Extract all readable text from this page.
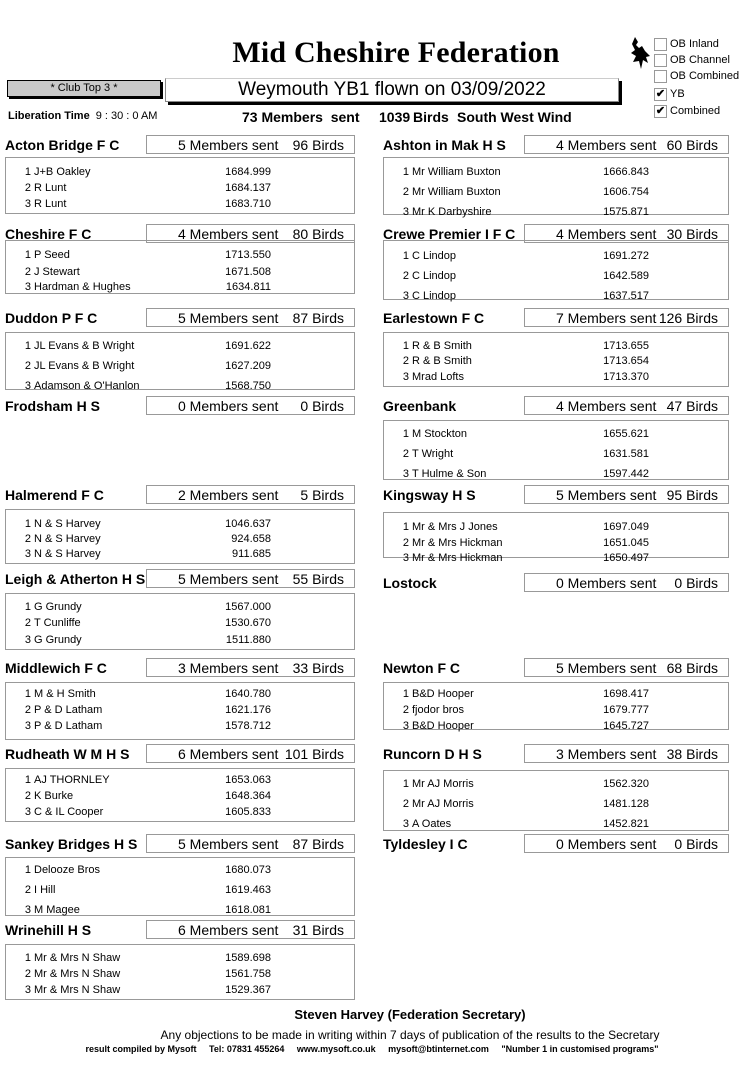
Mid Cheshire Federation
* Club Top 3 *	Weymouth YB1 flown on 03/09/2022
Liberation Time 9 : 30 : 0 AM	73 Members  sent 1039 Birds South West Wind
OB Inland
OB Channel
OB Combined
✔ YB
✔ Combined
Acton Bridge F C	5 Members sent 96 Birds
1 J+B Oakley	1684.999
2 R Lunt	1684.137
3 R Lunt	1683.710
Ashton in Mak H S	4 Members sent 60 Birds
1 Mr William Buxton	1666.843
2 Mr William Buxton	1606.754
3 Mr K Darbyshire	1575.871
Cheshire F C	4 Members sent 80 Birds
1 P Seed	1713.550
2 J Stewart	1671.508
3 Hardman & Hughes	1634.811
Crewe Premier I F C	4 Members sent 30 Birds
1 C Lindop	1691.272
2 C Lindop	1642.589
3 C Lindop	1637.517
Duddon P F C	5 Members sent 87 Birds
1 JL Evans & B Wright	1691.622
2 JL Evans & B Wright	1627.209
3 Adamson & O'Hanlon	1568.750
Earlestown F C	7 Members sent 126 Birds
1 R & B Smith	1713.655
2 R & B Smith	1713.654
3 Mrad Lofts	1713.370
Frodsham H S	0 Members sent 0 Birds	Greenbank	4 Members sent 47 Birds
1 M Stockton	1655.621
2 T Wright	1631.581
3 T Hulme & Son	1597.442
Halmerend F C	2 Members sent 5 Birds
1 N & S Harvey	1046.637
2 N & S Harvey	924.658
3 N & S Harvey	911.685
Kingsway H S	5 Members sent 95 Birds
1 Mr & Mrs J Jones	1697.049
2 Mr & Mrs Hickman	1651.045
3 Mr & Mrs Hickman	1650.497
Leigh & Atherton H S 5 Members sent 55 Birds
1 G Grundy	1567.000
2 T Cunliffe	1530.670
3 G Grundy	1511.880
Lostock	0 Members sent 0 Birds
Middlewich F C	3 Members sent 33 Birds
1 M & H Smith	1640.780
2 P & D Latham	1621.176
3 P & D Latham	1578.712
Newton F C	5 Members sent 68 Birds
1 B&D Hooper	1698.417
2 fjodor bros	1679.777
3 B&D Hooper	1645.727
Rudheath W M H S	6 Members sent 101 Birds
1 AJ THORNLEY	1653.063
2 K Burke	1648.364
3 C & IL Cooper	1605.833
Runcorn D H S	3 Members sent 38 Birds
1 Mr AJ Morris	1562.320
2 Mr AJ Morris	1481.128
3 A Oates	1452.821
Sankey Bridges H S	5 Members sent 87 Birds
1 Delooze Bros	1680.073
2 I Hill	1619.463
3 M Magee	1618.081
Tyldesley I C	0 Members sent 0 Birds
Wrinehill H S	6 Members sent 31 Birds
1 Mr & Mrs N Shaw	1589.698
2 Mr & Mrs N Shaw	1561.758
3 Mr & Mrs N Shaw	1529.367
Steven Harvey (Federation Secretary)
Any objections to be made in writing within 7 days of publication of the results to the Secretary
result compiled by Mysoft     Tel: 07831 455264     www.mysoft.co.uk     mysoft@btinternet.com     "Number 1 in customised programs"
